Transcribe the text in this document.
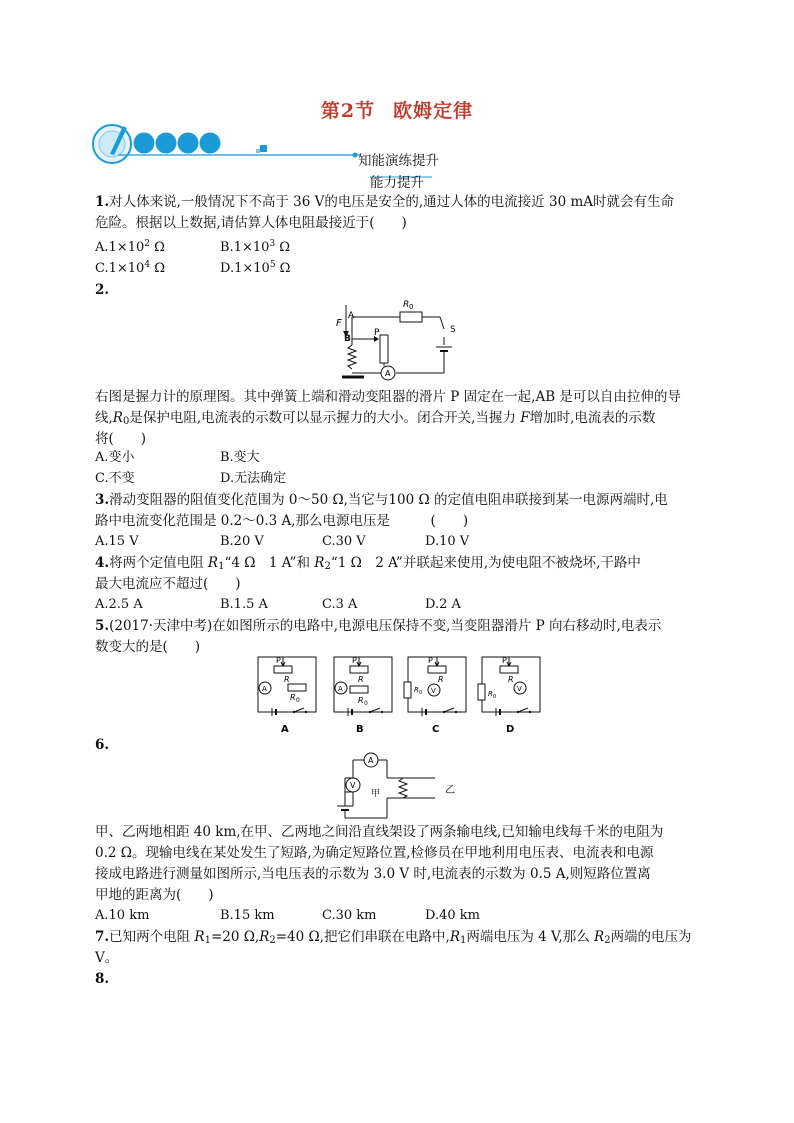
第2节 欧姆定律
知能演练提升
能力提升
1.对人体来说,一般情况下不高于 36 V的电压是安全的,通过人体的电流接近 30 mA时就会有生命
危险。根据以上数据,请估算人体电阻最接近于(　　)
$A.1\times 10^2$ Ω	$B.1\times 10^3$ Ω
$C.1\times 10^4$ Ω	$D.1\times 10^5$ Ω
2.
F
A
B
R 0
S
A
P
右图是握力计的原理图。其中弹簧上端和滑动变阻器的滑片 P 固定在一起,AB 是可以自由拉伸的导
线$,R_0$是保护电阻,电流表的示数可以显示握力的大小。闭合开关,当握力 F增加时,电流表的示数
将(　　)
A.变小	B.变大
C.不变	D.无法确定
3.滑动变阻器的阻值变化范围为 0～50 Ω,当它与100 Ω 的定值电阻串联接到某一电源两端时,电
路中电流变化范围是 0.2～0.3 A,那么电源电压是　　　(　　)
A.15 V	B.20 V	C.30 V	D.10 V
4.将两个定值电阻 $R_1“4$ Ω　1 A”和 $R_2“1$ Ω　2 A”并联起来使用,为使电阻不被烧坏,干路中
最大电流应不超过(　　)
A.2.5 A	B.1.5 A	C.3 A	D.2 A
5.(2017·天津中考)在如图所示的电路中,电源电压保持不变,当变阻器滑片 P 向右移动时,电表示
数变大的是(　　)
P
R
A
R 0
A
P
R
A
R 0
B
P
R
R 0 V
C
P
R
R 0
V
D
6.
A
V
甲	乙
甲、乙两地相距 40 km,在甲、乙两地之间沿直线架设了两条输电线,已知输电线每千米的电阻为
0.2 Ω。现输电线在某处发生了短路,为确定短路位置,检修员在甲地利用电压表、电流表和电源
接成电路进行测量如图所示,当电压表的示数为 3.0 V 时,电流表的示数为 0.5 A,则短路位置离
甲地的距离为(　　)
A.10 km	B.15 km	C.30 km	D.40 km
7.已知两个电阻 $R_1=20$ $\Omega,R_2=40$ Ω,把它们串联在电路中$,R_1$两端电压为 4 V,那么 $R_2$两端的电压为
V。
8.
